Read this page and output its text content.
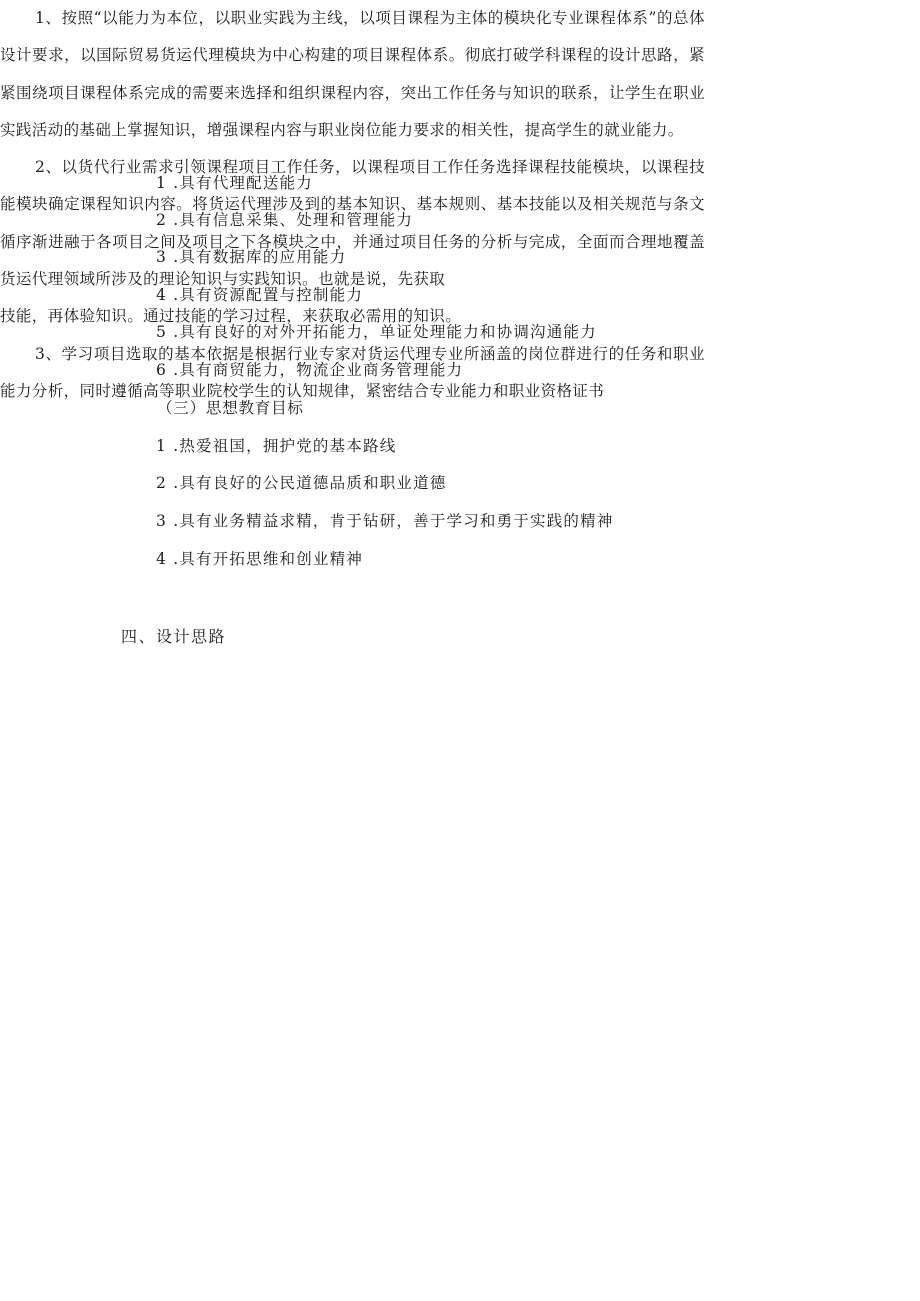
1 .具有代理配送能力
2 .具有信息采集、处理和管理能力
3 .具有数据库的应用能力
4 .具有资源配置与控制能力
5 .具有良好的对外开拓能力，单证处理能力和协调沟通能力
6 .具有商贸能力，物流企业商务管理能力
（三）思想教育目标
1 .热爱祖国，拥护党的基本路线
2 .具有良好的公民道德品质和职业道德
3 .具有业务精益求精，肯于钻研，善于学习和勇于实践的精神
4 .具有开拓思维和创业精神
四、设计思路

1、按照“以能力为本位，以职业实践为主线，以项目课程为主体的模块化专业课程体系”的总体设计要求，以国际贸易货运代理模块为中心构建的项目课程体系。彻底打破学科课程的设计思路，紧紧围绕项目课程体系完成的需要来选择和组织课程内容，突出工作任务与知识的联系，让学生在职业实践活动的基础上掌握知识，增强课程内容与职业岗位能力要求的相关性，提高学生的就业能力。

2、以货代行业需求引领课程项目工作任务，以课程项目工作任务选择课程技能模块，以课程技能模块确定课程知识内容。将货运代理涉及到的基本知识、基本规则、基本技能以及相关规范与条文循序渐进融于各项目之间及项目之下各模块之中，并通过项目任务的分析与完成，全面而合理地覆盖货运代理领域所涉及的理论知识与实践知识。也就是说，先获取

技能，再体验知识。通过技能的学习过程，来获取必需用的知识。

3、学习项目选取的基本依据是根据行业专家对货运代理专业所涵盖的岗位群进行的任务和职业能力分析，同时遵循高等职业院校学生的认知规律，紧密结合专业能力和职业资格证书
